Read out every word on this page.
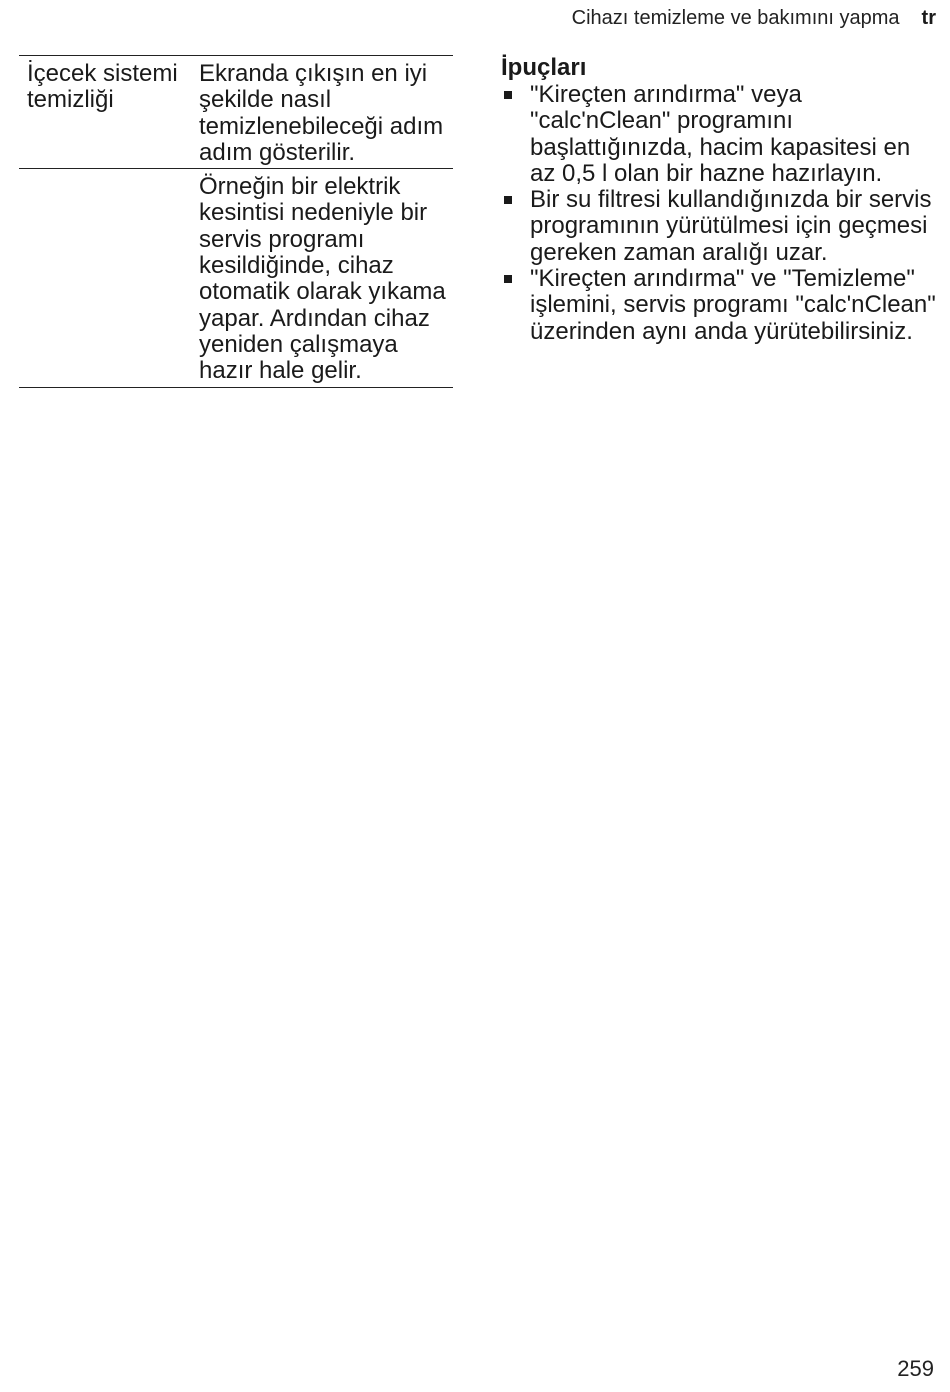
Cihazı temizleme ve bakımını yapma tr
İçecek sistemi temizliği	Ekranda çıkışın en iyi şekilde nasıl temizlenebileceği adım adım gösterilir.
	Örneğin bir elektrik kesintisi nedeniyle bir servis programı kesildiğinde, cihaz otomatik olarak yıkama yapar. Ardından cihaz yeniden çalışmaya hazır hale gelir.
İpuçları
"Kireçten arındırma" veya "calc'nClean" programını başlattığınızda, hacim kapasitesi en az 0,5 l olan bir hazne hazırlayın.
Bir su filtresi kullandığınızda bir servis programının yürütülmesi için geçmesi gereken zaman aralığı uzar.
"Kireçten arındırma" ve "Temizleme" işlemini, servis programı "calc'nClean" üzerinden aynı anda yürütebilirsiniz.
259
